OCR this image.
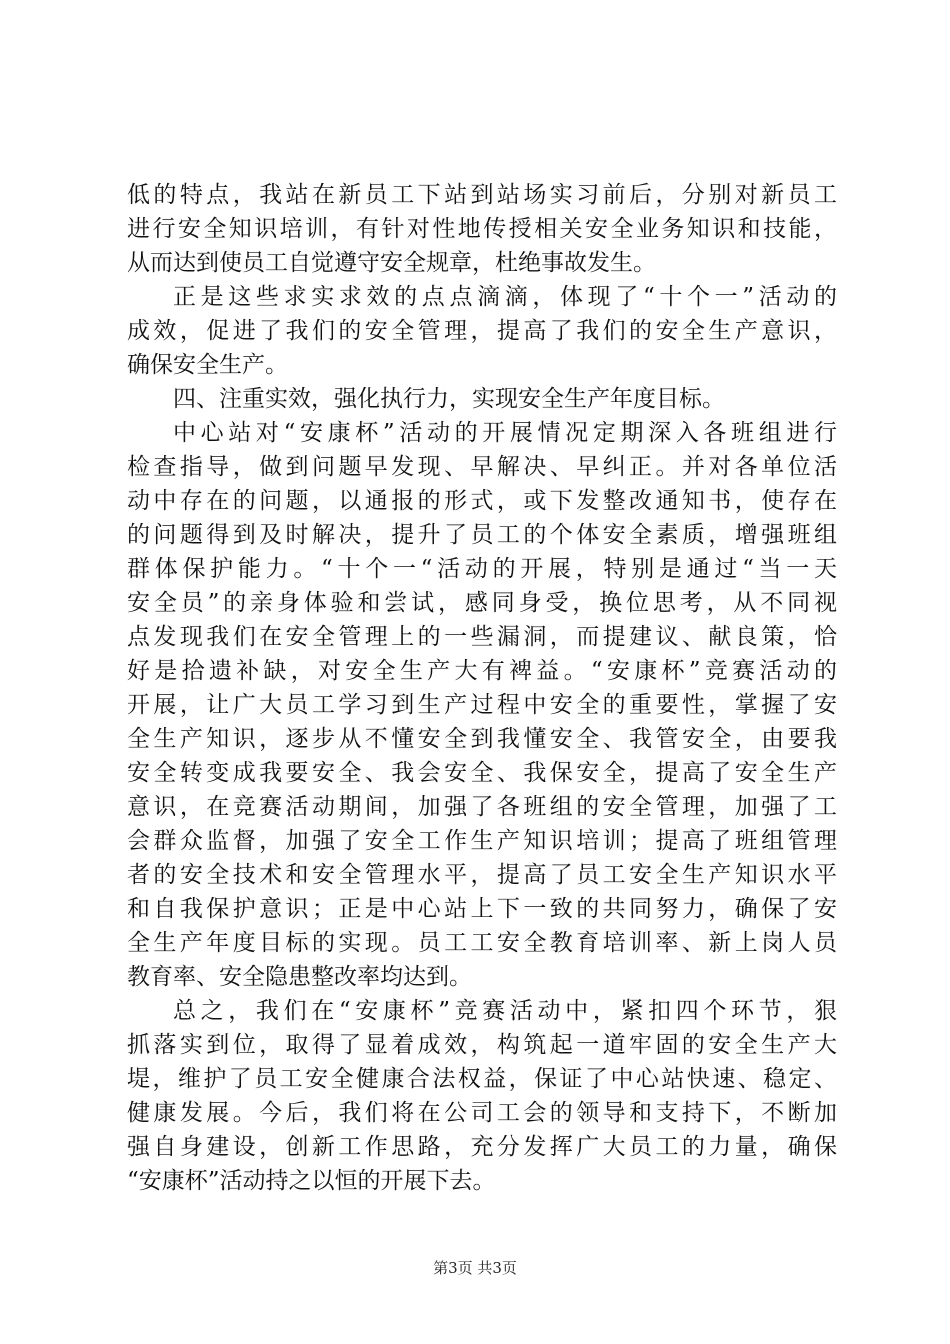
低的特点，我站在新员工下站到站场实习前后，分别对新员工
进行安全知识培训，有针对性地传授相关安全业务知识和技能，
从而达到使员工自觉遵守安全规章，杜绝事故发生。
正是这些求实求效的点点滴滴，体现了“十个一”活动的
成效，促进了我们的安全管理，提高了我们的安全生产意识，
确保安全生产。
四、注重实效，强化执行力，实现安全生产年度目标。
中心站对“安康杯”活动的开展情况定期深入各班组进行
检查指导，做到问题早发现、早解决、早纠正。并对各单位活
动中存在的问题，以通报的形式，或下发整改通知书，使存在
的问题得到及时解决，提升了员工的个体安全素质，增强班组
群体保护能力。“十个一“活动的开展，特别是通过“当一天
安全员”的亲身体验和尝试，感同身受，换位思考，从不同视
点发现我们在安全管理上的一些漏洞，而提建议、献良策，恰
好是拾遗补缺，对安全生产大有裨益。“安康杯”竞赛活动的
开展，让广大员工学习到生产过程中安全的重要性，掌握了安
全生产知识，逐步从不懂安全到我懂安全、我管安全，由要我
安全转变成我要安全、我会安全、我保安全，提高了安全生产
意识，在竞赛活动期间，加强了各班组的安全管理，加强了工
会群众监督，加强了安全工作生产知识培训；提高了班组管理
者的安全技术和安全管理水平，提高了员工安全生产知识水平
和自我保护意识；正是中心站上下一致的共同努力，确保了安
全生产年度目标的实现。员工工安全教育培训率、新上岗人员
教育率、安全隐患整改率均达到。
总之，我们在“安康杯”竞赛活动中，紧扣四个环节，狠
抓落实到位，取得了显着成效，构筑起一道牢固的安全生产大
堤，维护了员工安全健康合法权益，保证了中心站快速、稳定、
健康发展。今后，我们将在公司工会的领导和支持下，不断加
强自身建设，创新工作思路，充分发挥广大员工的力量，确保
“安康杯”活动持之以恒的开展下去。
第3页 共3页
